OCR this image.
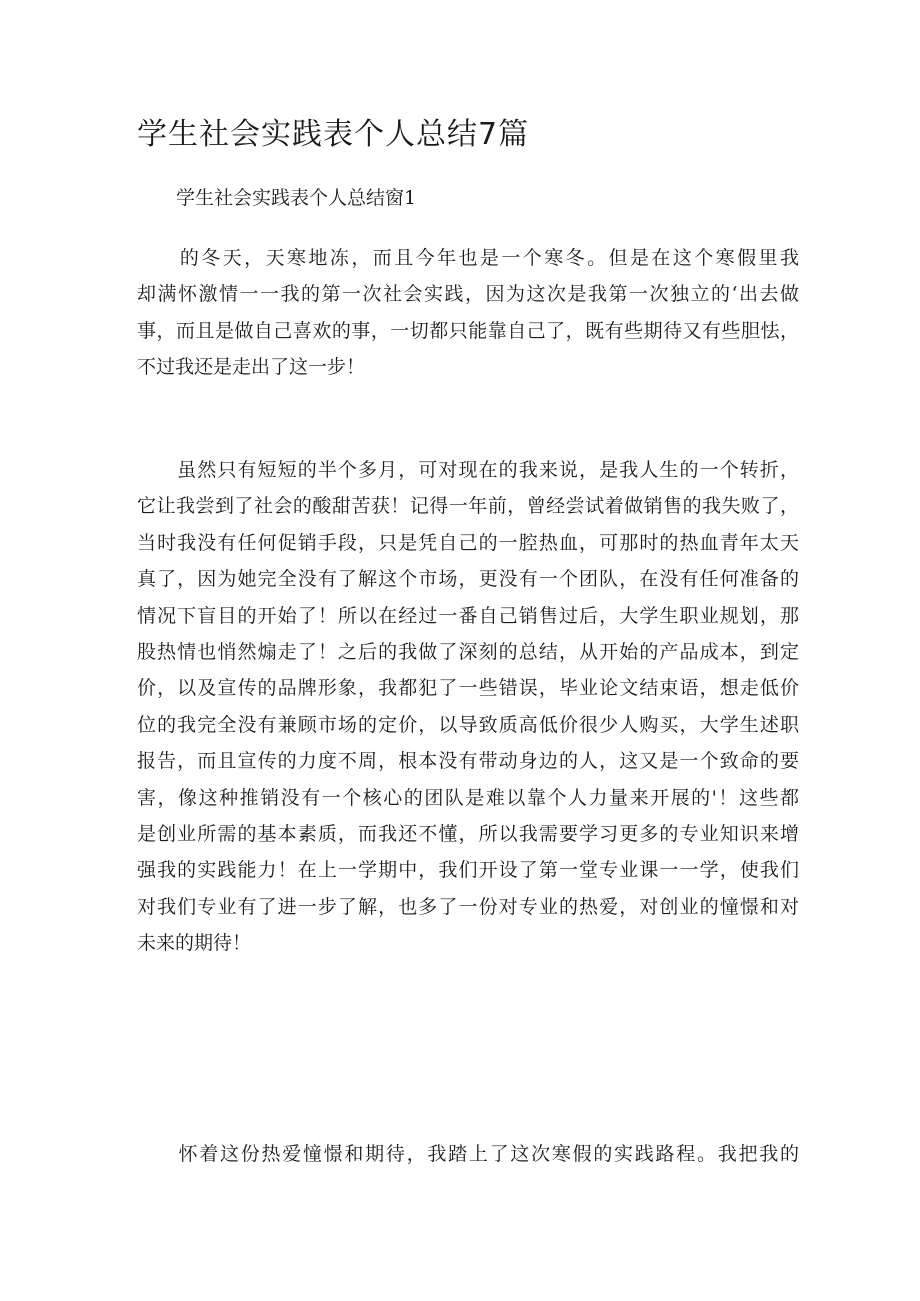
学生社会实践表个人总结7篇

学生社会实践表个人总结窗1

　　的冬天，天寒地冻，而且今年也是一个寒冬。但是在这个寒假里我
却满怀激情一一我的第一次社会实践，因为这次是我第一次独立的‘出去做
事，而且是做自己喜欢的事，一切都只能靠自己了，既有些期待又有些胆怯，
不过我还是走出了这一步！

　　虽然只有短短的半个多月，可对现在的我来说，是我人生的一个转折，
它让我尝到了社会的酸甜苦获！记得一年前，曾经尝试着做销售的我失败了，
当时我没有任何促销手段，只是凭自己的一腔热血，可那时的热血青年太天
真了，因为她完全没有了解这个市场，更没有一个团队，在没有任何准备的
情况下盲目的开始了！所以在经过一番自己销售过后，大学生职业规划，那
股热情也悄然煽走了！之后的我做了深刻的总结，从开始的产品成本，到定
价，以及宣传的品牌形象，我都犯了一些错误，毕业论文结束语，想走低价
位的我完全没有兼顾市场的定价，以导致质高低价很少人购买，大学生述职
报告，而且宣传的力度不周，根本没有带动身边的人，这又是一个致命的要
害，像这种推销没有一个核心的团队是难以靠个人力量来开展的'！这些都
是创业所需的基本素质，而我还不懂，所以我需要学习更多的专业知识来增
强我的实践能力！在上一学期中，我们开设了第一堂专业课一一学，使我们
对我们专业有了进一步了解，也多了一份对专业的热爱，对创业的憧憬和对
未来的期待！

　　怀着这份热爱憧憬和期待，我踏上了这次寒假的实践路程。我把我的
